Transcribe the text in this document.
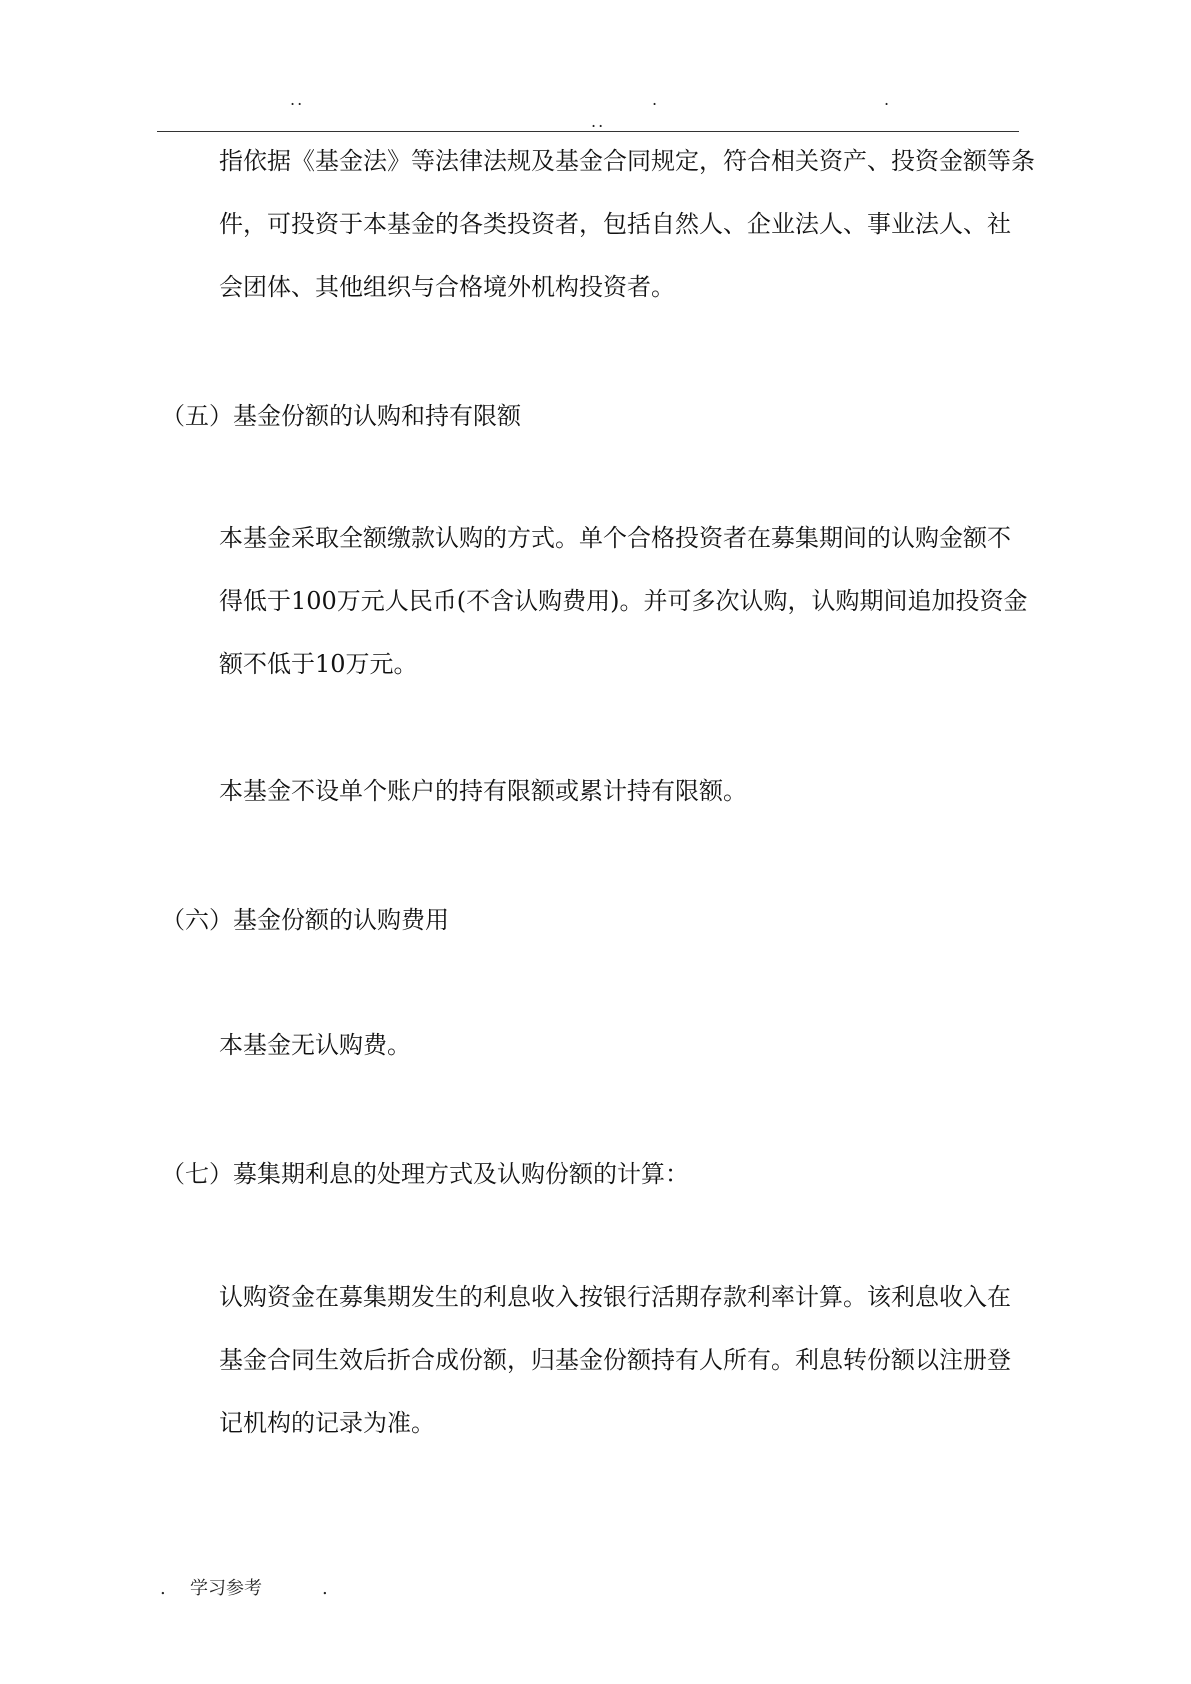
..
..
.	.
指依据《基金法》等法律法规及基金合同规定，符合相关资产、投资金额等条
件，可投资于本基金的各类投资者，包括自然人、企业法人、事业法人、社
会团体、其他组织与合格境外机构投资者。
（五）基金份额的认购和持有限额
本基金采取全额缴款认购的方式。单个合格投资者在募集期间的认购金额不
得低于100万元人民币(不含认购费用)。并可多次认购，认购期间追加投资金
额不低于10万元。
本基金不设单个账户的持有限额或累计持有限额。
（六）基金份额的认购费用
本基金无认购费。
（七）募集期利息的处理方式及认购份额的计算：
认购资金在募集期发生的利息收入按银行活期存款利率计算。该利息收入在
基金合同生效后折合成份额，归基金份额持有人所有。利息转份额以注册登
记机构的记录为准。
. 学习参考	.
